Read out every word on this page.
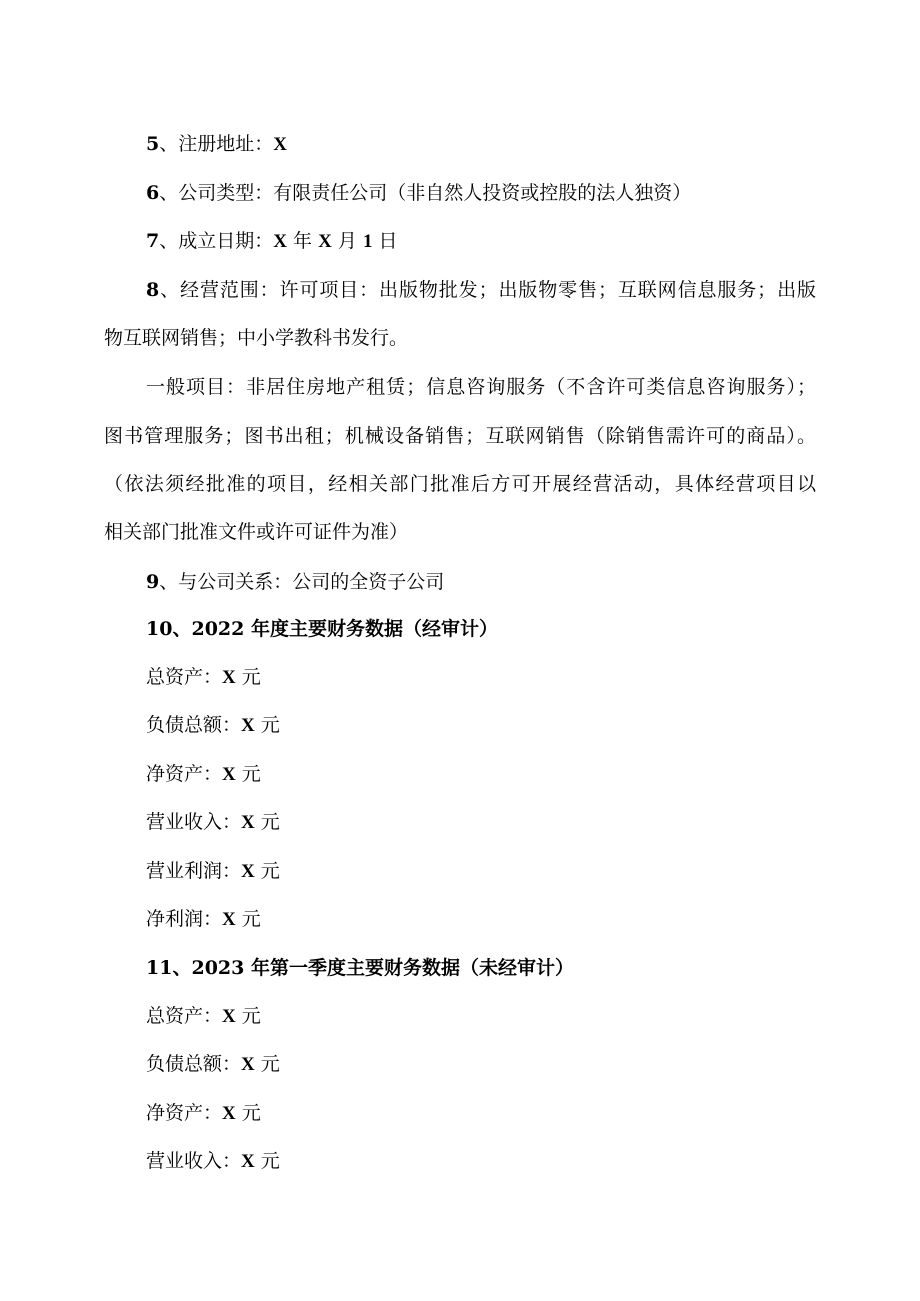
5、注册地址：X
6、公司类型：有限责任公司（非自然人投资或控股的法人独资）
7、成立日期：X 年 X 月 1 日
8、经营范围：许可项目：出版物批发；出版物零售；互联网信息服务；出版
物互联网销售；中小学教科书发行。
一般项目：非居住房地产租赁；信息咨询服务（不含许可类信息咨询服务）；
图书管理服务；图书出租；机械设备销售；互联网销售（除销售需许可的商品）。
（依法须经批准的项目，经相关部门批准后方可开展经营活动，具体经营项目以
相关部门批准文件或许可证件为准）
9、与公司关系：公司的全资子公司
10、2022 年度主要财务数据（经审计）
总资产：X 元
负债总额：X 元
净资产：X 元
营业收入：X 元
营业利润：X 元
净利润：X 元
11、2023 年第一季度主要财务数据（未经审计）
总资产：X 元
负债总额：X 元
净资产：X 元
营业收入：X 元
